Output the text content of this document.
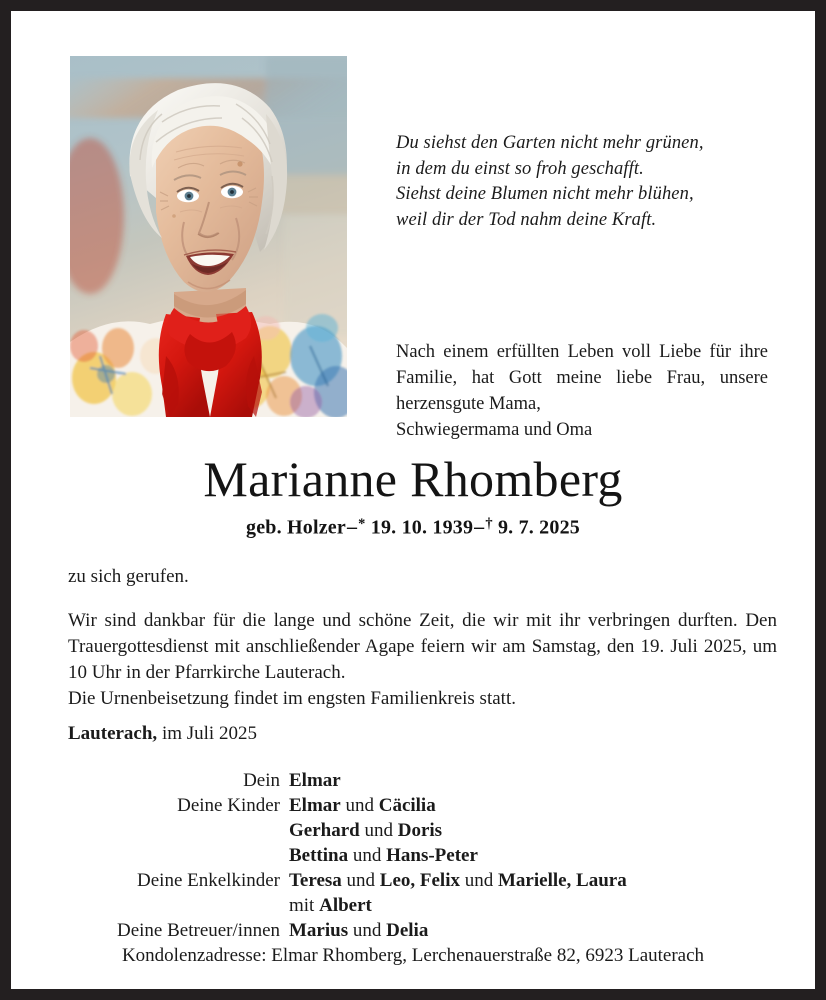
Du siehst den Garten nicht mehr grünen,
in dem du einst so froh geschafft.
Siehst deine Blumen nicht mehr blühen,
weil dir der Tod nahm deine Kraft.
Nach einem erfüllten Leben voll Liebe für ihre Familie, hat Gott meine liebe Frau, unsere herzensgute Mama,
Schwiegermama und Oma
Marianne Rhomberg
geb. Holzer–* 19. 10. 1939–† 9. 7. 2025
zu sich gerufen.
Wir sind dankbar für die lange und schöne Zeit, die wir mit ihr verbringen durften. Den Trauergottesdienst mit anschließender Agape feiern wir am Samstag, den 19. Juli 2025, um 10 Uhr in der Pfarrkirche Lauterach.
Die Urnenbeisetzung findet im engsten Familienkreis statt.
Lauterach, im Juli 2025
Dein Elmar
Deine Kinder Elmar und Cäcilia
Gerhard und Doris
Bettina und Hans-Peter
Deine Enkelkinder Teresa und Leo, Felix und Marielle, Laura
mit Albert
Deine Betreuer/innen Marius und Delia
Kondolenzadresse: Elmar Rhomberg, Lerchenauerstraße 82, 6923 Lauterach
